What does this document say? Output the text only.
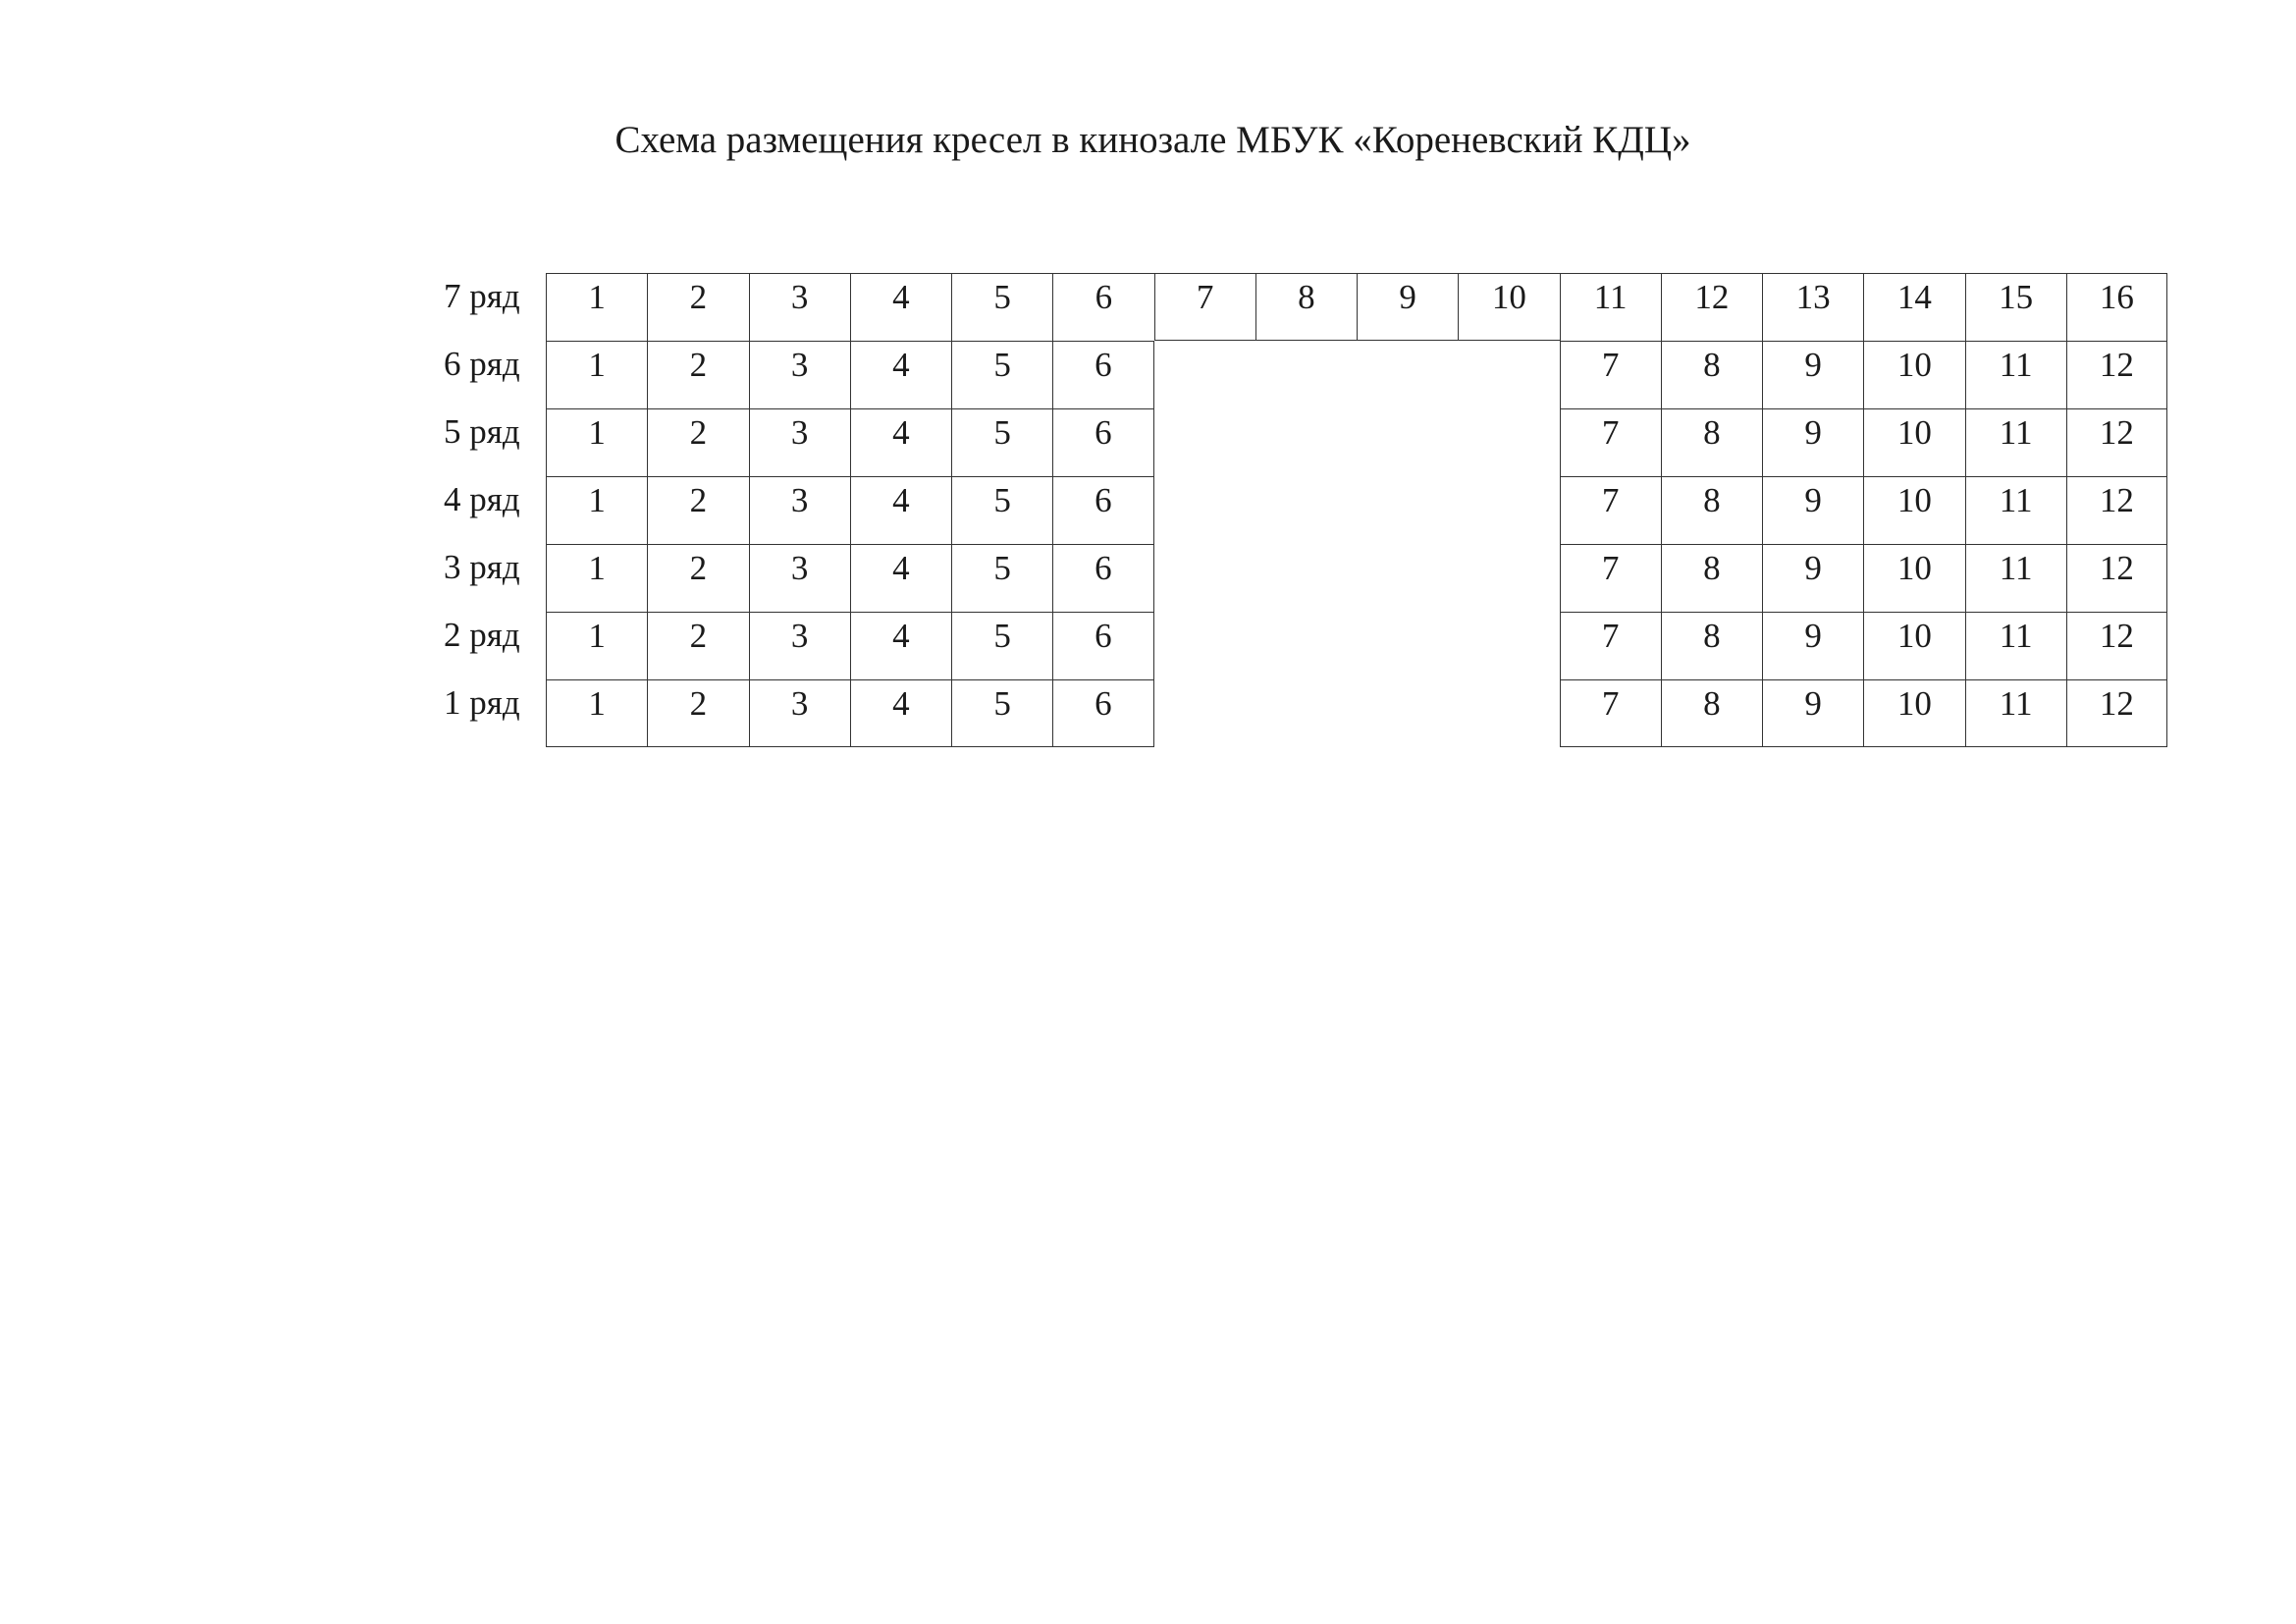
Схема размещения кресел в кинозале МБУК «Кореневский КДЦ»
7 ряд	1	2	3	4	5	6	7	8	9	10	11	12	13	14	15	16
6 ряд	1	2	3	4	5	6	7	8	9	10	11	12
5 ряд	1	2	3	4	5	6	7	8	9	10	11	12
4 ряд	1	2	3	4	5	6	7	8	9	10	11	12
3 ряд	1	2	3	4	5	6	7	8	9	10	11	12
2 ряд	1	2	3	4	5	6	7	8	9	10	11	12
1 ряд	1	2	3	4	5	6	7	8	9	10	11	12
